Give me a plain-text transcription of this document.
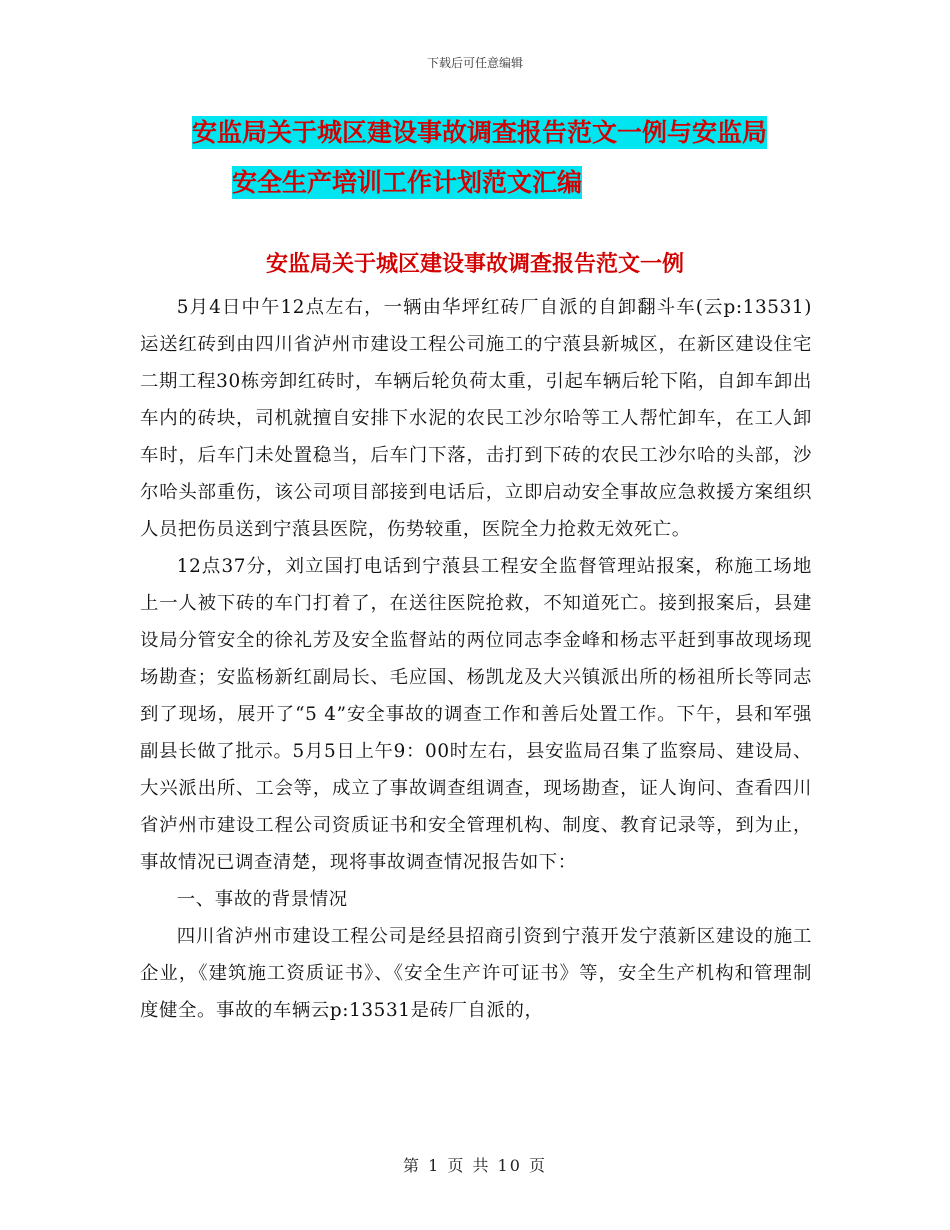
下载后可任意编辑
安监局关于城区建设事故调查报告范文一例与安监局
安全生产培训工作计划范文汇编
安监局关于城区建设事故调查报告范文一例

5月4日中午12点左右，一辆由华坪红砖厂自派的自卸翻斗车(云p:13531)运送红砖到由四川省泸州市建设工程公司施工的宁蒗县新城区，在新区建设住宅二期工程30栋旁卸红砖时，车辆后轮负荷太重，引起车辆后轮下陷，自卸车卸出车内的砖块，司机就擅自安排下水泥的农民工沙尔哈等工人帮忙卸车，在工人卸车时，后车门未处置稳当，后车门下落，击打到下砖的农民工沙尔哈的头部，沙尔哈头部重伤，该公司项目部接到电话后，立即启动安全事故应急救援方案组织人员把伤员送到宁蒗县医院，伤势较重，医院全力抢救无效死亡。

12点37分，刘立国打电话到宁蒗县工程安全监督管理站报案，称施工场地上一人被下砖的车门打着了，在送往医院抢救，不知道死亡。接到报案后，县建设局分管安全的徐礼芳及安全监督站的两位同志李金峰和杨志平赶到事故现场现场勘查；安监杨新红副局长、毛应国、杨凯龙及大兴镇派出所的杨祖所长等同志到了现场，展开了“5 4”安全事故的调查工作和善后处置工作。下午，县和军强副县长做了批示。5月5日上午9：00时左右，县安监局召集了监察局、建设局、大兴派出所、工会等，成立了事故调查组调查，现场勘查，证人询问、查看四川省泸州市建设工程公司资质证书和安全管理机构、制度、教育记录等，到为止，事故情况已调查清楚，现将事故调查情况报告如下：

一、事故的背景情况

四川省泸州市建设工程公司是经县招商引资到宁蒗开发宁蒗新区建设的施工企业，《建筑施工资质证书》、《安全生产许可证书》等，安全生产机构和管理制度健全。事故的车辆云p:13531是砖厂自派的，

第 1 页 共 10 页
